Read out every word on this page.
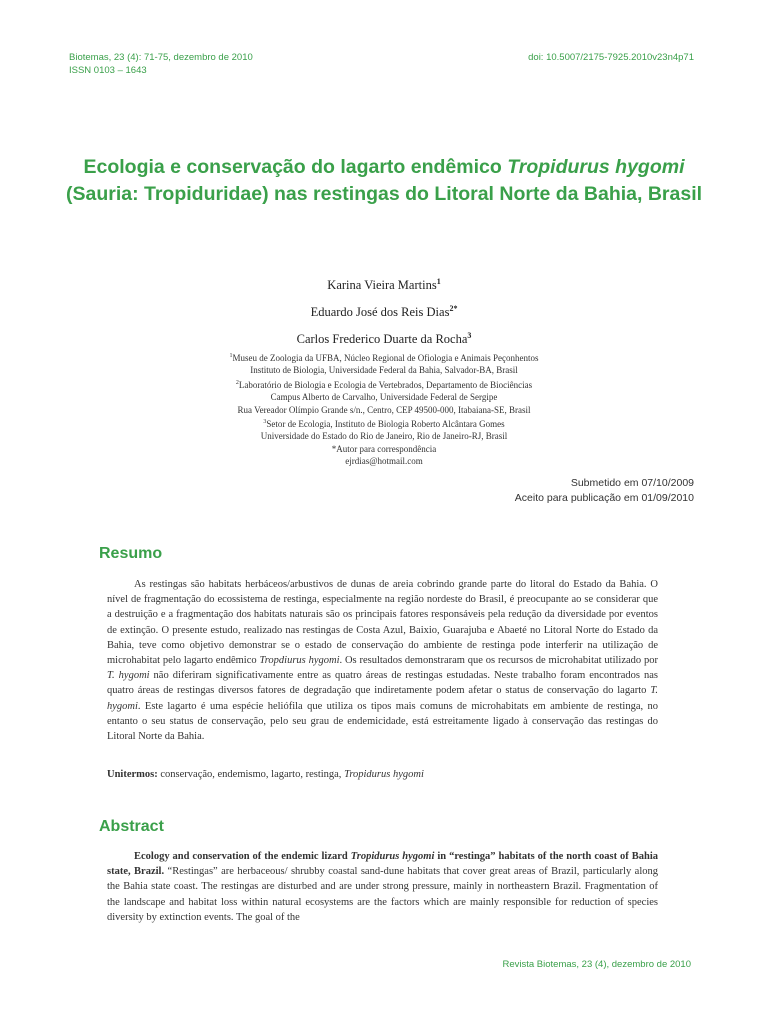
Biotemas, 23 (4): 71-75, dezembro de 2010
ISSN 0103 – 1643
doi: 10.5007/2175-7925.2010v23n4p71
Ecologia e conservação do lagarto endêmico Tropidurus hygomi (Sauria: Tropiduridae) nas restingas do Litoral Norte da Bahia, Brasil
Karina Vieira Martins$^1$
Eduardo José dos Reis Dias$^{2*}$
Carlos Frederico Duarte da Rocha$^3$
$^1$Museu de Zoologia da UFBA, Núcleo Regional de Ofiologia e Animais Peçonhentos
Instituto de Biologia, Universidade Federal da Bahia, Salvador-BA, Brasil
$^2$Laboratório de Biologia e Ecologia de Vertebrados, Departamento de Biociências
Campus Alberto de Carvalho, Universidade Federal de Sergipe
Rua Vereador Olímpio Grande s/n., Centro, CEP 49500-000, Itabaiana-SE, Brasil
$^3$Setor de Ecologia, Instituto de Biologia Roberto Alcântara Gomes
Universidade do Estado do Rio de Janeiro, Rio de Janeiro-RJ, Brasil
*Autor para correspondência
ejrdias@hotmail.com
Submetido em 07/10/2009
Aceito para publicação em 01/09/2010
Resumo

As restingas são habitats herbáceos/arbustivos de dunas de areia cobrindo grande parte do litoral do Estado da Bahia. O nível de fragmentação do ecossistema de restinga, especialmente na região nordeste do Brasil, é preocupante ao se considerar que a destruição e a fragmentação dos habitats naturais são os principais fatores responsáveis pela redução da diversidade por eventos de extinção. O presente estudo, realizado nas restingas de Costa Azul, Baixio, Guarajuba e Abaeté no Litoral Norte do Estado da Bahia, teve como objetivo demonstrar se o estado de conservação do ambiente de restinga pode interferir na utilização de microhabitat pelo lagarto endêmico Tropdiurus hygomi. Os resultados demonstraram que os recursos de microhabitat utilizado por T. hygomi não diferiram significativamente entre as quatro áreas de restingas estudadas. Neste trabalho foram encontrados nas quatro áreas de restingas diversos fatores de degradação que indiretamente podem afetar o status de conservação do lagarto T. hygomi. Este lagarto é uma espécie heliófila que utiliza os tipos mais comuns de microhabitats em ambiente de restinga, no entanto o seu status de conservação, pelo seu grau de endemicidade, está estreitamente ligado à conservação das restingas do Litoral Norte da Bahia.

Unitermos: conservação, endemismo, lagarto, restinga, Tropidurus hygomi
Abstract

Ecology and conservation of the endemic lizard Tropidurus hygomi in “restinga” habitats of the north coast of Bahia state, Brazil. “Restingas” are herbaceous/ shrubby coastal sand-dune habitats that cover great areas of Brazil, particularly along the Bahia state coast. The restingas are disturbed and are under strong pressure, mainly in northeastern Brazil. Fragmentation of the landscape and habitat loss within natural ecosystems are the factors which are mainly responsible for reduction of species diversity by extinction events. The goal of the

Revista Biotemas, 23 (4), dezembro de 2010
